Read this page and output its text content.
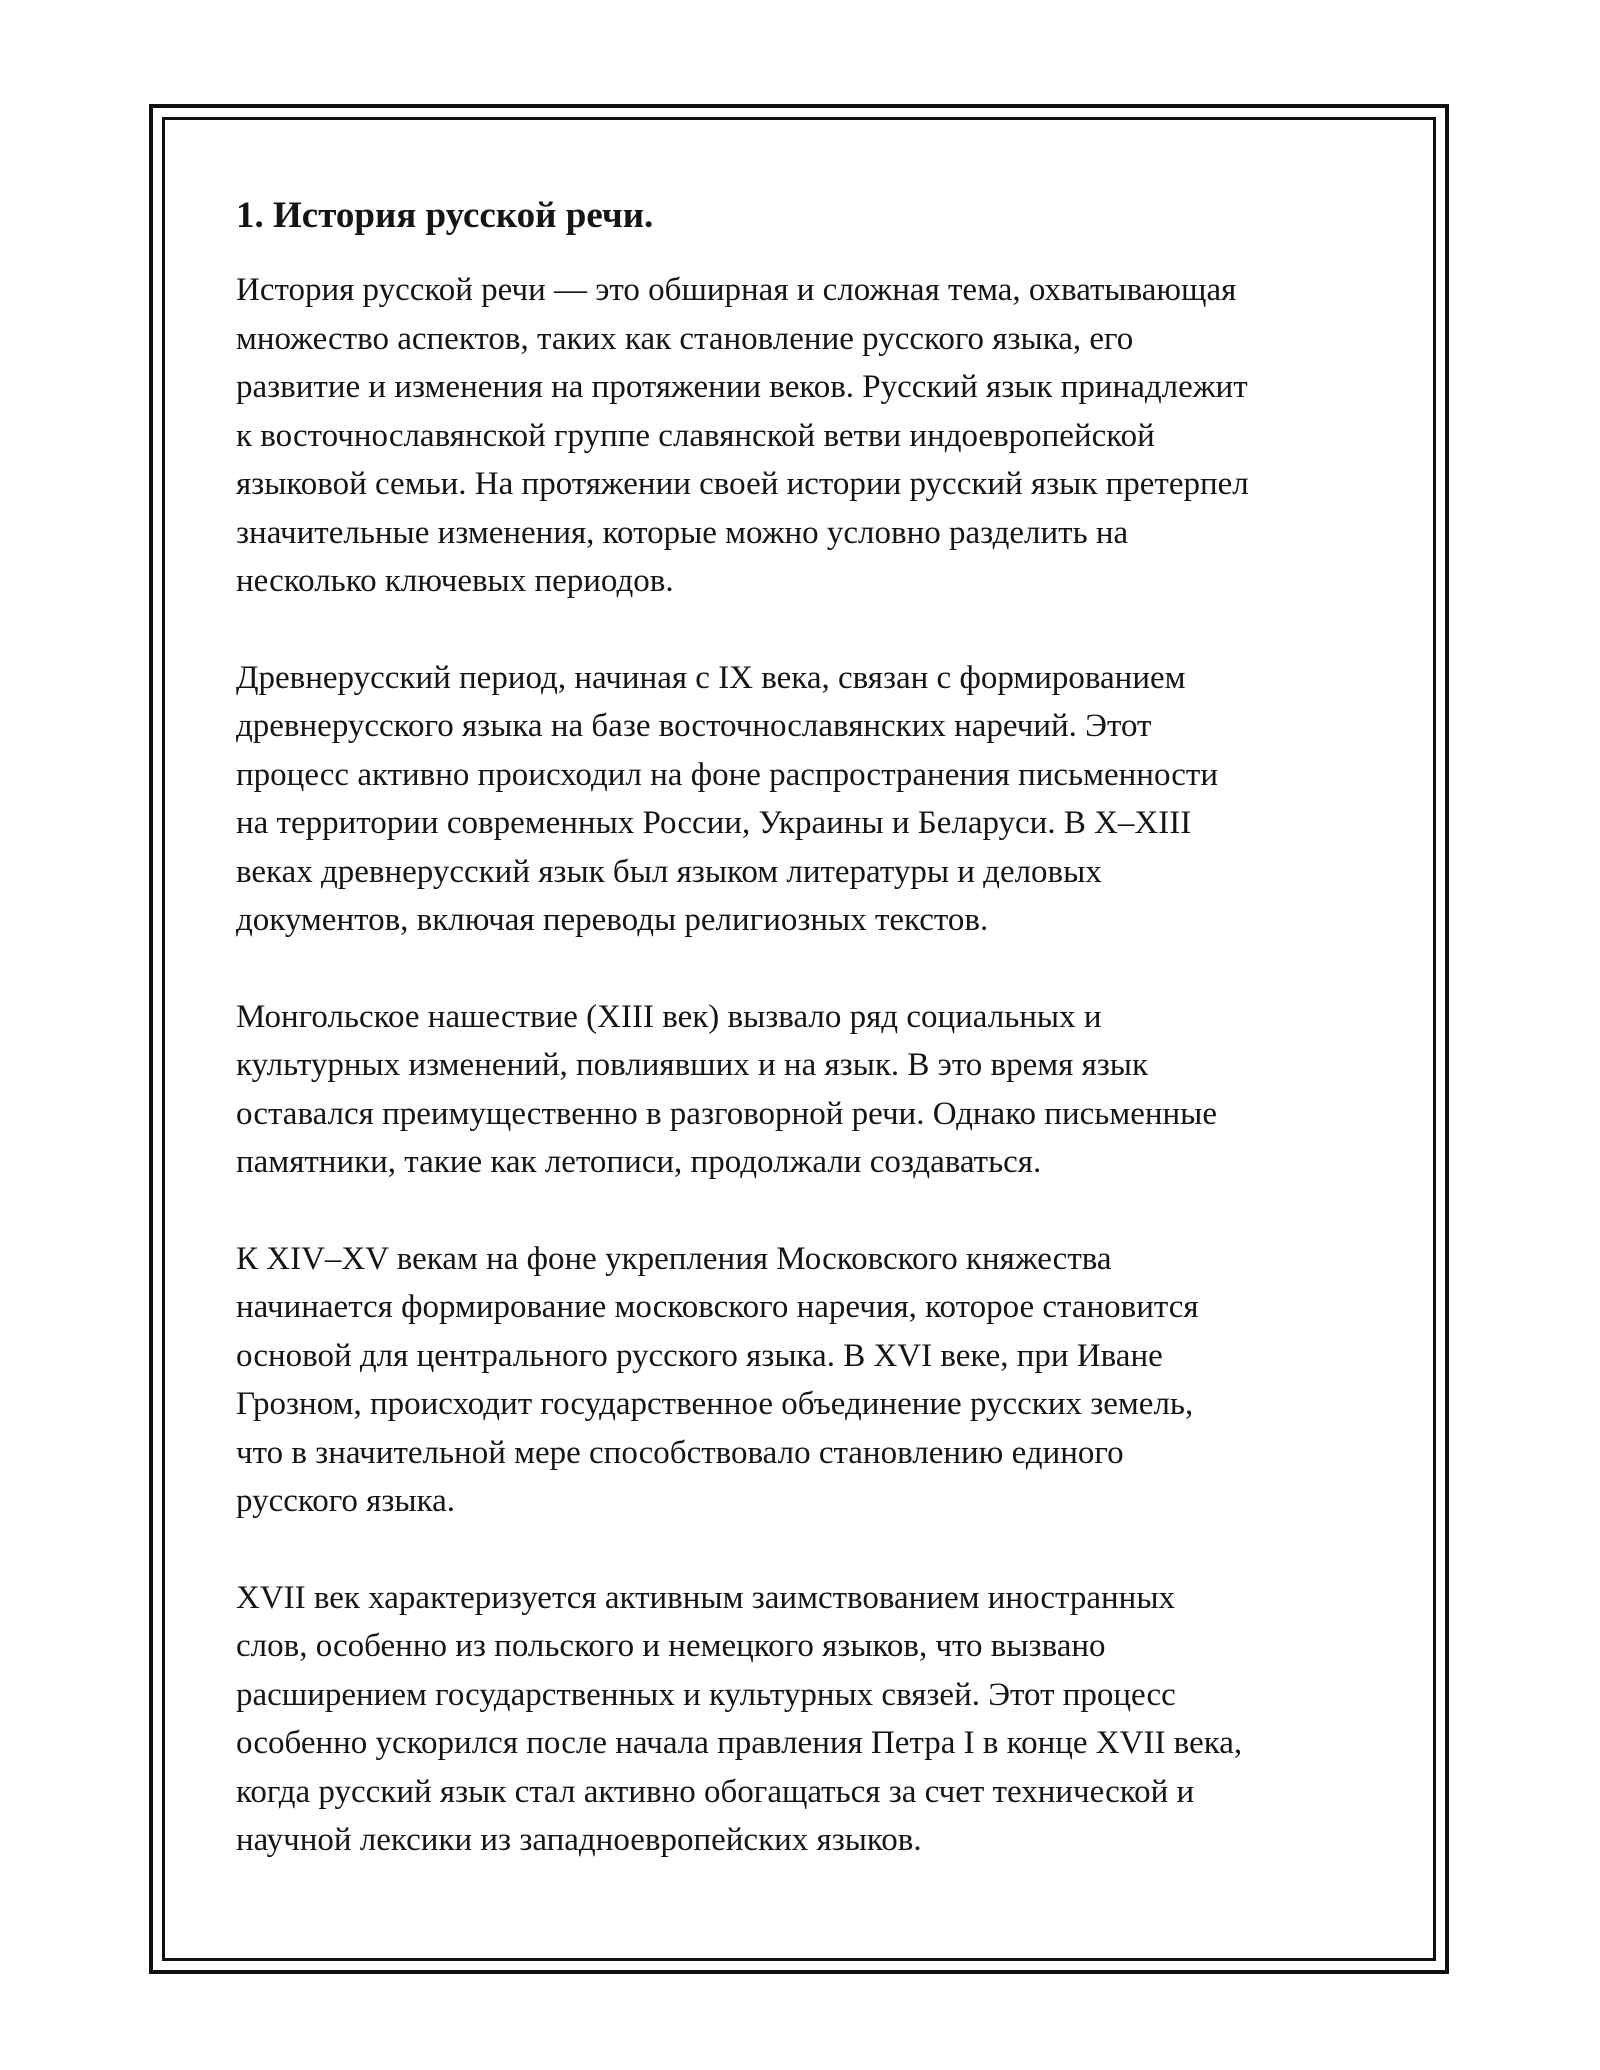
1. История русской речи.

История русской речи — это обширная и сложная тема, охватывающая
множество аспектов, таких как становление русского языка, его
развитие и изменения на протяжении веков. Русский язык принадлежит
к восточнославянской группе славянской ветви индоевропейской
языковой семьи. На протяжении своей истории русский язык претерпел
значительные изменения, которые можно условно разделить на
несколько ключевых периодов.

Древнерусский период, начиная с IX века, связан с формированием
древнерусского языка на базе восточнославянских наречий. Этот
процесс активно происходил на фоне распространения письменности
на территории современных России, Украины и Беларуси. В X–XIII
веках древнерусский язык был языком литературы и деловых
документов, включая переводы религиозных текстов.

Монгольское нашествие (XIII век) вызвало ряд социальных и
культурных изменений, повлиявших и на язык. В это время язык
оставался преимущественно в разговорной речи. Однако письменные
памятники, такие как летописи, продолжали создаваться.

К XIV–XV векам на фоне укрепления Московского княжества
начинается формирование московского наречия, которое становится
основой для центрального русского языка. В XVI веке, при Иване
Грозном, происходит государственное объединение русских земель,
что в значительной мере способствовало становлению единого
русского языка.

XVII век характеризуется активным заимствованием иностранных
слов, особенно из польского и немецкого языков, что вызвано
расширением государственных и культурных связей. Этот процесс
особенно ускорился после начала правления Петра I в конце XVII века,
когда русский язык стал активно обогащаться за счет технической и
научной лексики из западноевропейских языков.
